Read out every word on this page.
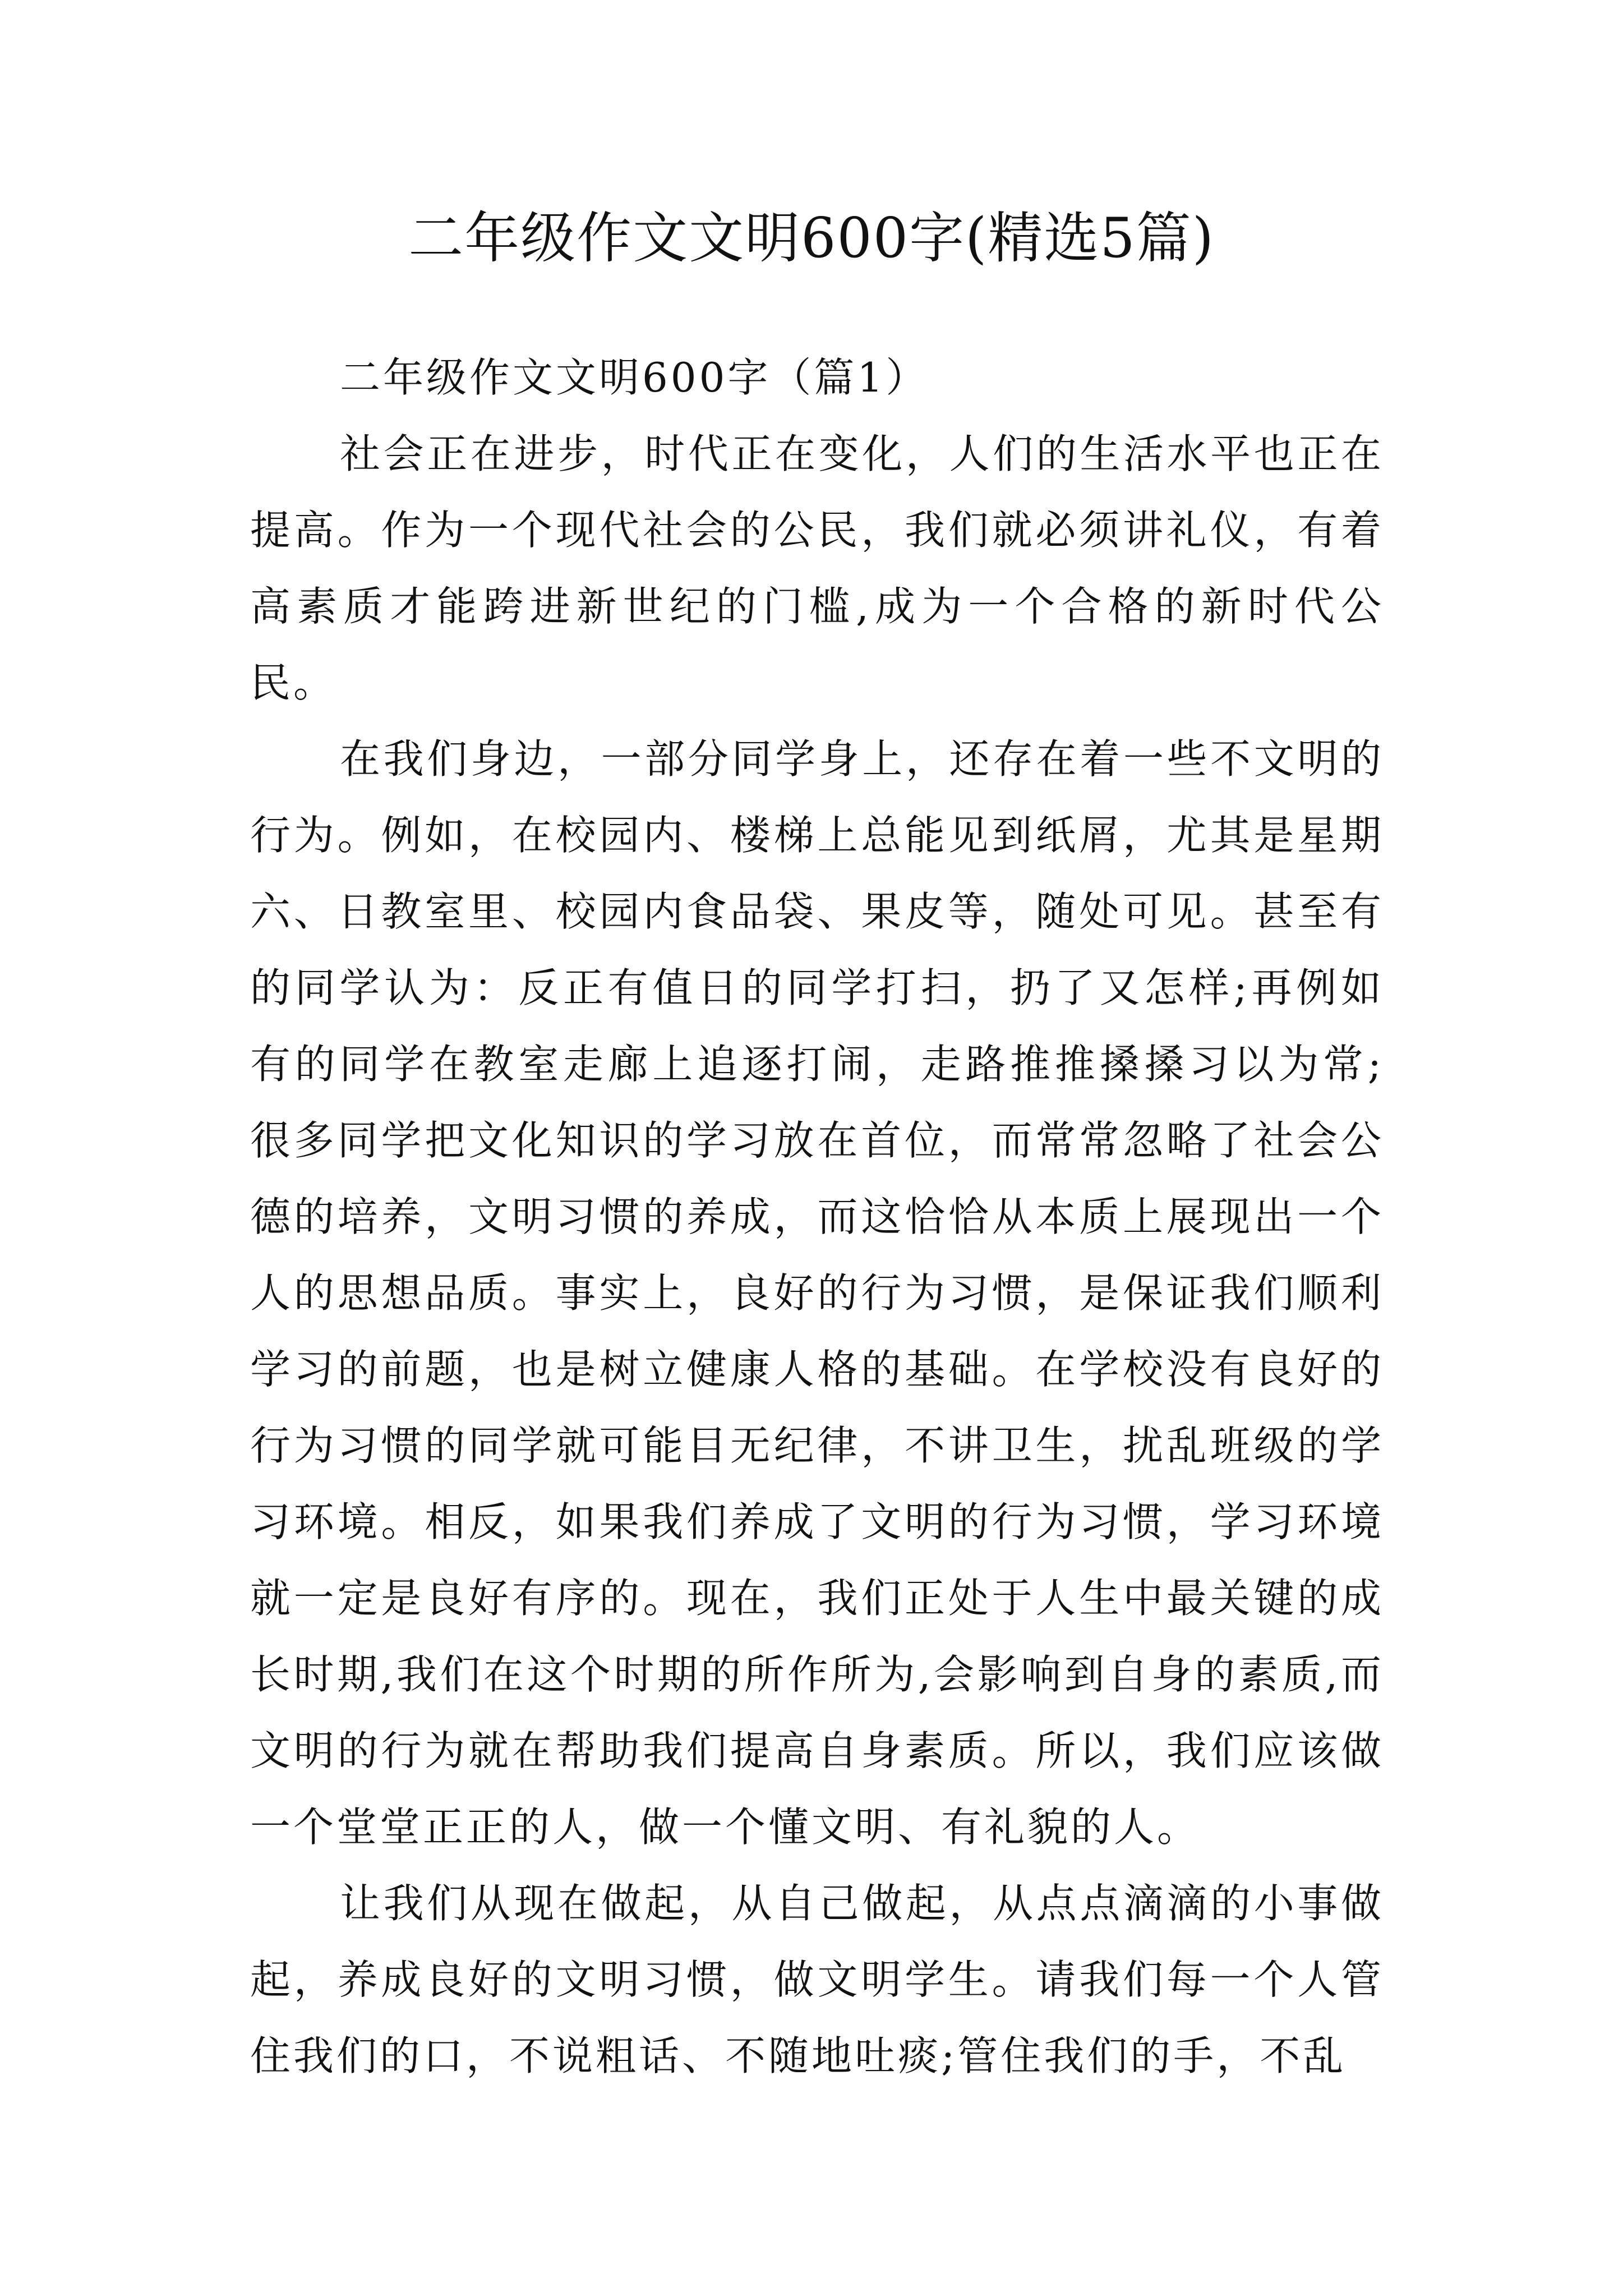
二年级作文文明600字(精选5篇)

二年级作文文明600字（篇1）

社会正在进步，时代正在变化，人们的生活水平也正在提高。作为一个现代社会的公民，我们就必须讲礼仪，有着高素质才能跨进新世纪的门槛,成为一个合格的新时代公民。

在我们身边，一部分同学身上，还存在着一些不文明的行为。例如，在校园内、楼梯上总能见到纸屑，尤其是星期六、日教室里、校园内食品袋、果皮等，随处可见。甚至有的同学认为：反正有值日的同学打扫，扔了又怎样;再例如有的同学在教室走廊上追逐打闹，走路推推搡搡习以为常;很多同学把文化知识的学习放在首位，而常常忽略了社会公德的培养，文明习惯的养成，而这恰恰从本质上展现出一个人的思想品质。事实上，良好的行为习惯，是保证我们顺利学习的前题，也是树立健康人格的基础。在学校没有良好的行为习惯的同学就可能目无纪律，不讲卫生，扰乱班级的学习环境。相反，如果我们养成了文明的行为习惯，学习环境就一定是良好有序的。现在，我们正处于人生中最关键的成长时期,我们在这个时期的所作所为,会影响到自身的素质,而文明的行为就在帮助我们提高自身素质。所以，我们应该做一个堂堂正正的人，做一个懂文明、有礼貌的人。

让我们从现在做起，从自己做起，从点点滴滴的小事做起，养成良好的文明习惯，做文明学生。请我们每一个人管住我们的口，不说粗话、不随地吐痰;管住我们的手，不乱
